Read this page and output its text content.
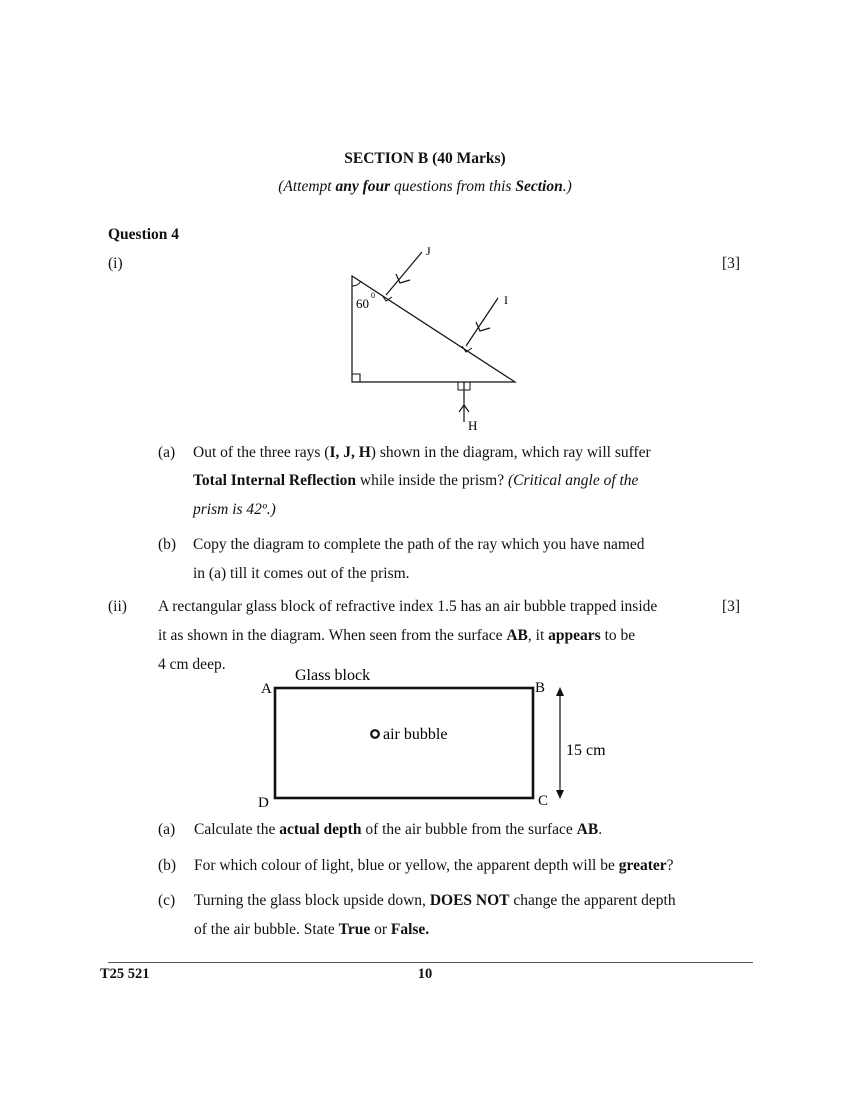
SECTION B (40 Marks)
(Attempt any four questions from this Section.)
Question 4
(i)	[3]
60
0
J
I
H
(a) Out of the three rays (I, J, H) shown in the diagram, which ray will suffer
Total Internal Reflection while inside the prism? (Critical angle of the
prism is 42º.)
(b) Copy the diagram to complete the path of the ray which you have named
in (a) till it comes out of the prism.
(ii)	[3]
A rectangular glass block of refractive index 1.5 has an air bubble trapped inside
it as shown in the diagram. When seen from the surface AB, it appears to be
4 cm deep.
Glass block
A	B
C
D
air bubble
15 cm
(a) Calculate the actual depth of the air bubble from the surface AB.
(b) For which colour of light, blue or yellow, the apparent depth will be greater?
(c) Turning the glass block upside down, DOES NOT change the apparent depth
of the air bubble. State True or False.
T25 521	10
